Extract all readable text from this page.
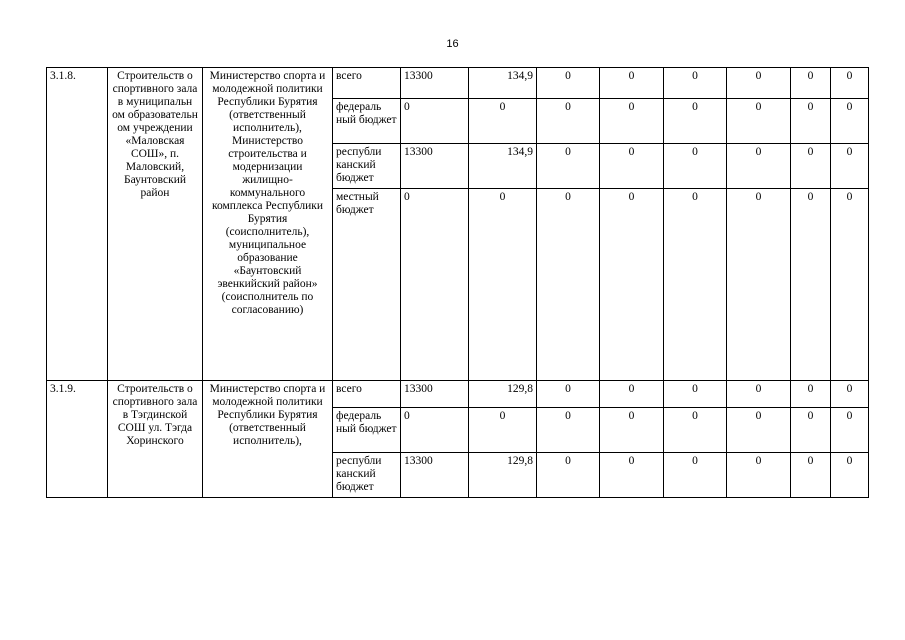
16
3.1.8.	Строительств о спортивного зала в муниципальн ом образовательн ом учреждении «Маловская СОШ», п. Маловский, Баунтовский район	Министерство спорта и молодежной политики Республики Бурятия (ответственный исполнитель), Министерство строительства и модернизации жилищно- коммунального комплекса Республики Бурятия (соисполнитель), муниципальное образование «Баунтовский эвенкийский район» (соисполнитель по согласованию)	всего	13300	134,9	0	0	0	0	0	0
			федераль ный бюджет	0	0	0	0	0	0	0	0
			республи канский бюджет	13300	134,9	0	0	0	0	0	0
			местный бюджет	0	0	0	0	0	0	0	0
3.1.9.	Строительств о спортивного зала в Тэгдинской СОШ ул. Тэгда Хоринского	Министерство спорта и молодежной политики Республики Бурятия (ответственный исполнитель),	всего	13300	129,8	0	0	0	0	0	0
			федераль ный бюджет	0	0	0	0	0	0	0	0
			республи канский бюджет	13300	129,8	0	0	0	0	0	0
